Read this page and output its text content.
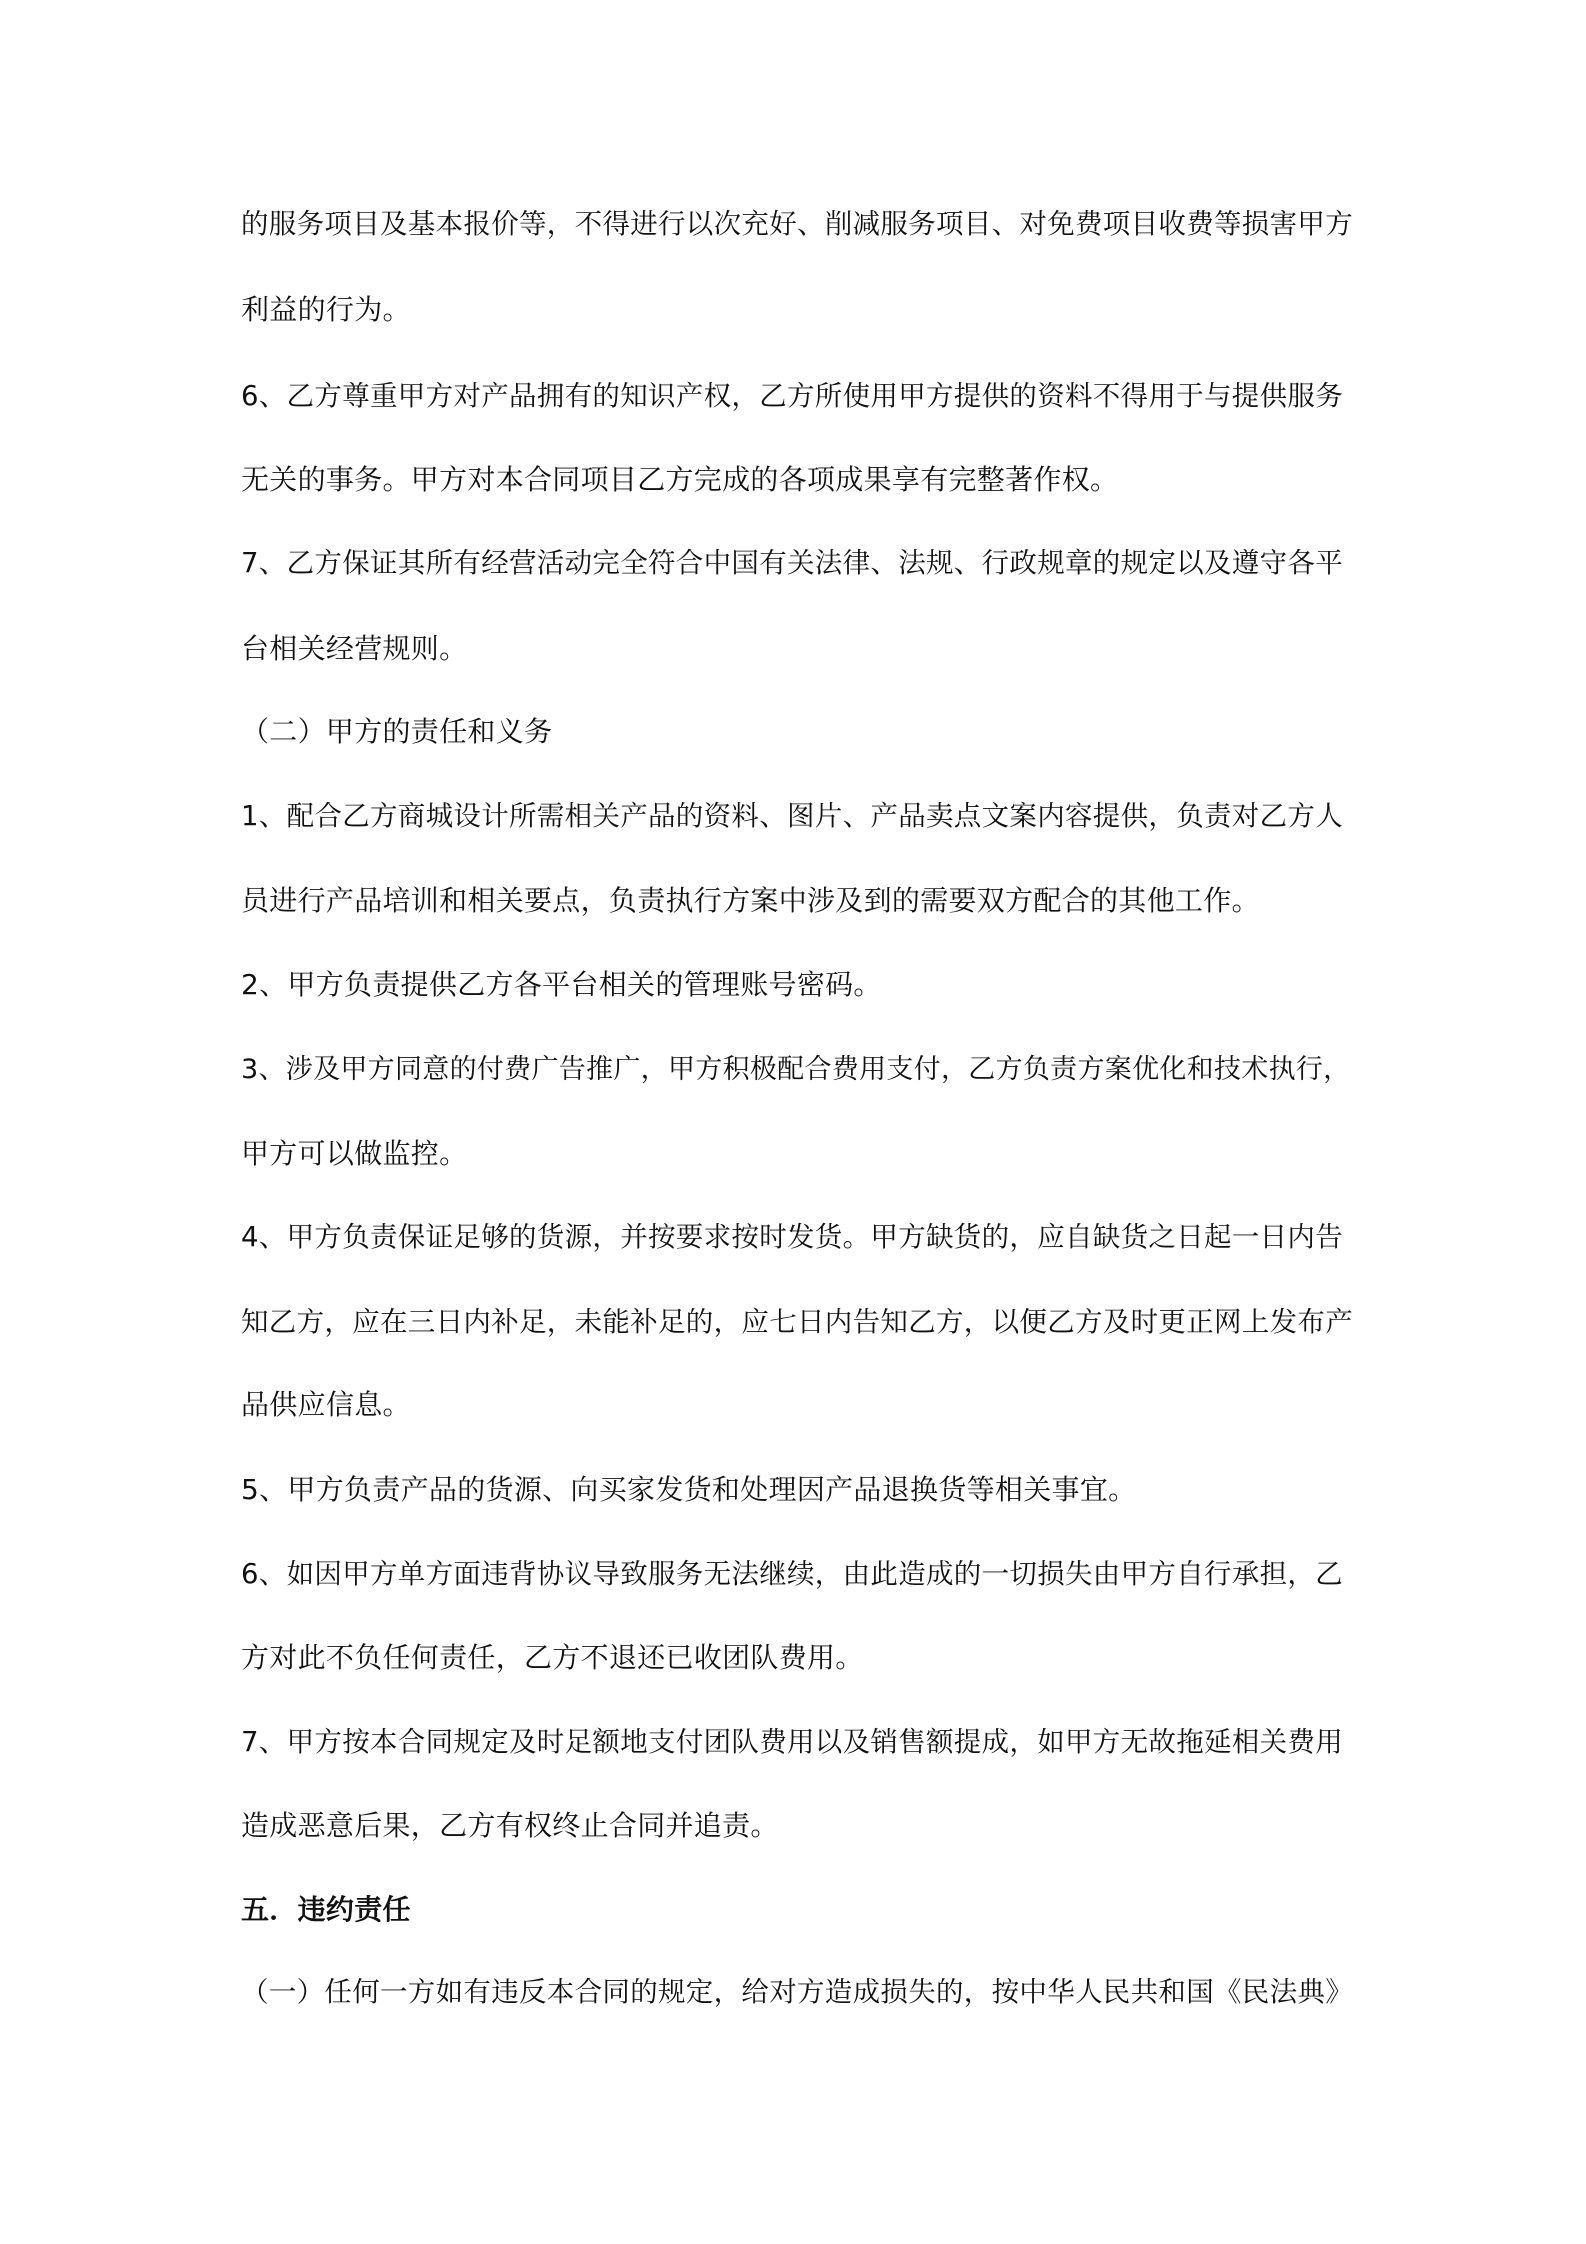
的服务项目及基本报价等，不得进行以次充好、削减服务项目、对免费项目收费等损害甲方
利益的行为。
6、乙方尊重甲方对产品拥有的知识产权，乙方所使用甲方提供的资料不得用于与提供服务
无关的事务。甲方对本合同项目乙方完成的各项成果享有完整著作权。
7、乙方保证其所有经营活动完全符合中国有关法律、法规、行政规章的规定以及遵守各平
台相关经营规则。
（二）甲方的责任和义务
1、配合乙方商城设计所需相关产品的资料、图片、产品卖点文案内容提供，负责对乙方人
员进行产品培训和相关要点，负责执行方案中涉及到的需要双方配合的其他工作。
2、甲方负责提供乙方各平台相关的管理账号密码。
3、涉及甲方同意的付费广告推广，甲方积极配合费用支付，乙方负责方案优化和技术执行，
甲方可以做监控。
4、甲方负责保证足够的货源，并按要求按时发货。甲方缺货的，应自缺货之日起一日内告
知乙方，应在三日内补足，未能补足的，应七日内告知乙方，以便乙方及时更正网上发布产
品供应信息。
5、甲方负责产品的货源、向买家发货和处理因产品退换货等相关事宜。
6、如因甲方单方面违背协议导致服务无法继续，由此造成的一切损失由甲方自行承担，乙
方对此不负任何责任，乙方不退还已收团队费用。
7、甲方按本合同规定及时足额地支付团队费用以及销售额提成，如甲方无故拖延相关费用
造成恶意后果，乙方有权终止合同并追责。
五．违约责任
（一）任何一方如有违反本合同的规定，给对方造成损失的，按中华人民共和国《民法典》
